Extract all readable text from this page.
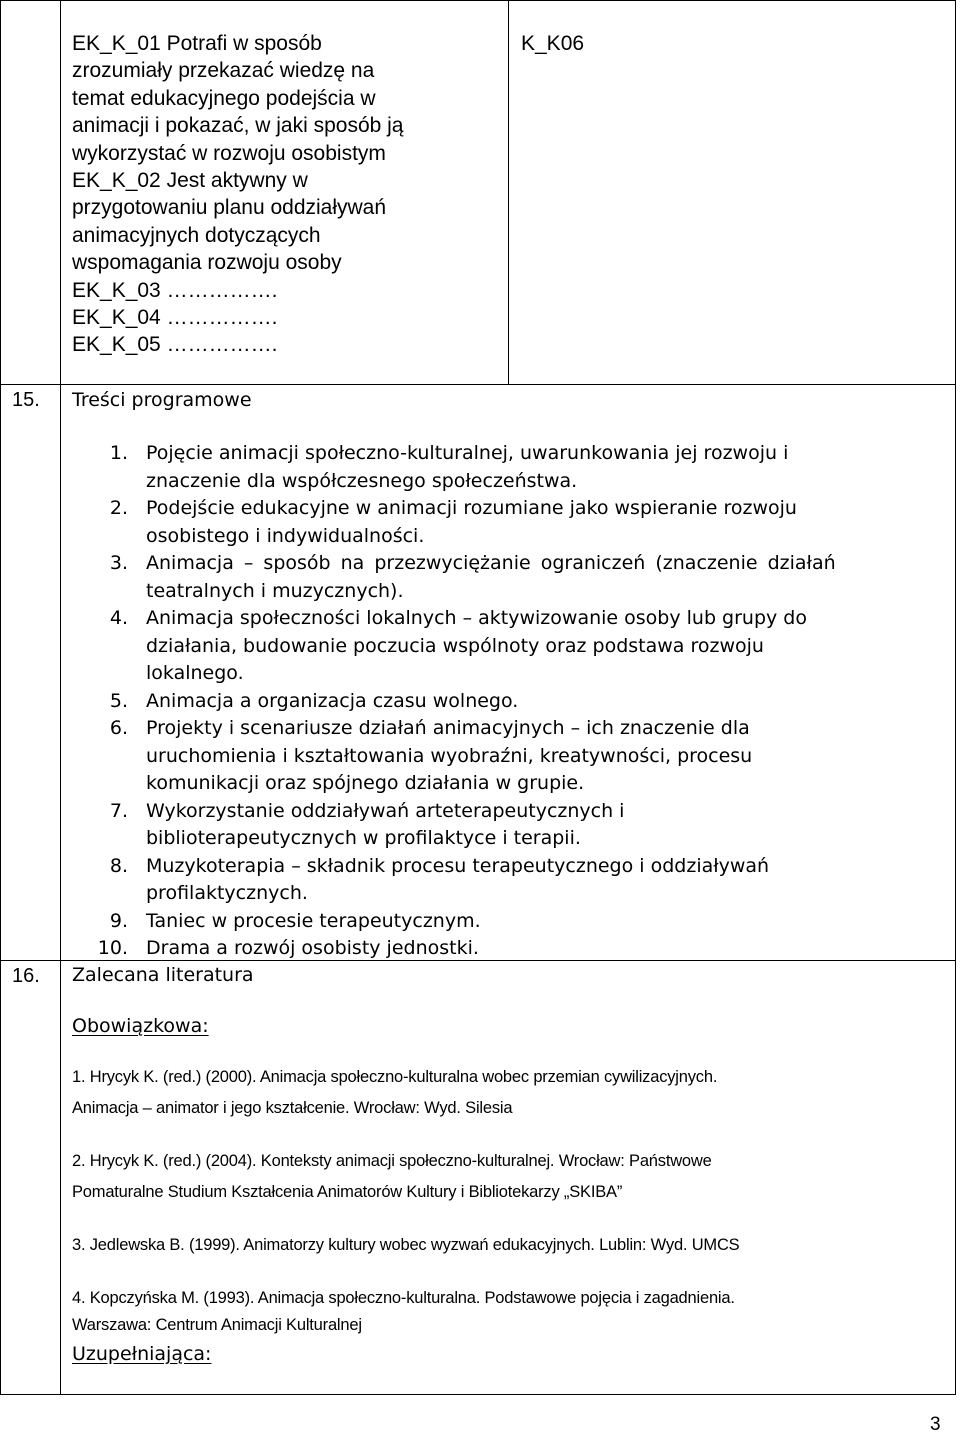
EK_K_01 Potrafi w sposób
zrozumiały przekazać wiedzę na
temat edukacyjnego podejścia w
animacji i pokazać, w jaki sposób ją
wykorzystać w rozwoju osobistym
EK_K_02 Jest aktywny w
przygotowaniu planu oddziaływań
animacyjnych dotyczących
wspomagania rozwoju osoby
EK_K_03 …………….
EK_K_04 …………….
EK_K_05 …………….
K_K06
15. Treści programowe
1. Pojęcie animacji społeczno-kulturalnej, uwarunkowania jej rozwoju i
znaczenie dla współczesnego społeczeństwa.
2. Podejście edukacyjne w animacji rozumiane jako wspieranie rozwoju
osobistego i indywidualności.
3. Animacja – sposób na przezwyciężanie ograniczeń (znaczenie działań
teatralnych i muzycznych).
4. Animacja społeczności lokalnych – aktywizowanie osoby lub grupy do
działania, budowanie poczucia wspólnoty oraz podstawa rozwoju
lokalnego.
5. Animacja a organizacja czasu wolnego.
6. Projekty i scenariusze działań animacyjnych – ich znaczenie dla
uruchomienia i kształtowania wyobraźni, kreatywności, procesu
komunikacji oraz spójnego działania w grupie.
7. Wykorzystanie oddziaływań arteterapeutycznych i
biblioterapeutycznych w profilaktyce i terapii.
8. Muzykoterapia – składnik procesu terapeutycznego i oddziaływań
profilaktycznych.
9. Taniec w procesie terapeutycznym.
10. Drama a rozwój osobisty jednostki.
16. Zalecana literatura
Obowiązkowa:
1. Hrycyk K. (red.) (2000). Animacja społeczno-kulturalna wobec przemian cywilizacyjnych.
Animacja – animator i jego kształcenie. Wrocław: Wyd. Silesia
2. Hrycyk K. (red.) (2004). Konteksty animacji społeczno-kulturalnej. Wrocław: Państwowe
Pomaturalne Studium Kształcenia Animatorów Kultury i Bibliotekarzy „SKIBA”
3. Jedlewska B. (1999). Animatorzy kultury wobec wyzwań edukacyjnych. Lublin: Wyd. UMCS
4. Kopczyńska M. (1993). Animacja społeczno-kulturalna. Podstawowe pojęcia i zagadnienia.
Warszawa: Centrum Animacji Kulturalnej
Uzupełniająca:
3
